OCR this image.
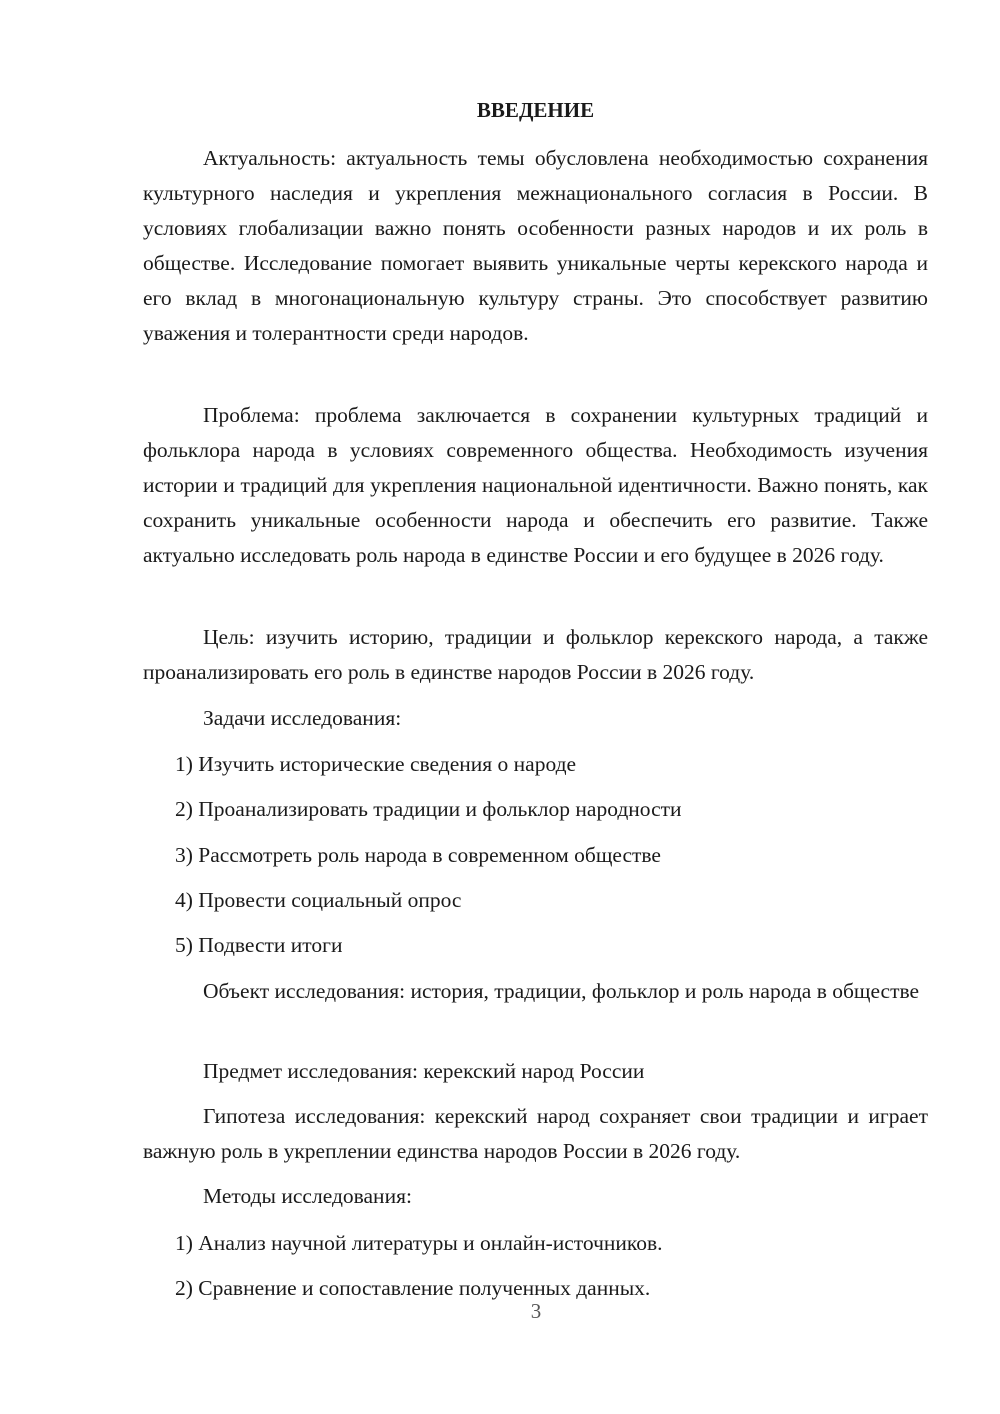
ВВЕДЕНИЕ

Актуальность: актуальность темы обусловлена необходимостью сохранения культурного наследия и укрепления межнационального согласия в России. В условиях глобализации важно понять особенности разных народов и их роль в обществе. Исследование помогает выявить уникальные черты керекского народа и его вклад в многонациональную культуру страны. Это способствует развитию уважения и толерантности среди народов.

Проблема: проблема заключается в сохранении культурных традиций и фольклора народа в условиях современного общества. Необходимость изучения истории и традиций для укрепления национальной идентичности. Важно понять, как сохранить уникальные особенности народа и обеспечить его развитие. Также актуально исследовать роль народа в единстве России и его будущее в 2026 году.

Цель: изучить историю, традиции и фольклор керекского народа, а также проанализировать его роль в единстве народов России в 2026 году.

Задачи исследования:

1) Изучить исторические сведения о народе

2) Проанализировать традиции и фольклор народности

3) Рассмотреть роль народа в современном обществе

4) Провести социальный опрос

5) Подвести итоги

Объект исследования: история, традиции, фольклор и роль народа в обществе

Предмет исследования: керекский народ России

Гипотеза исследования: керекский народ сохраняет свои традиции и играет важную роль в укреплении единства народов России в 2026 году.

Методы исследования:

1) Анализ научной литературы и онлайн-источников.

2) Сравнение и сопоставление полученных данных.

3
